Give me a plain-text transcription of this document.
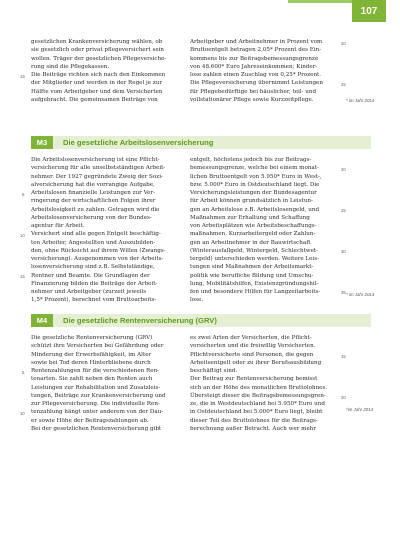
107
gesetzlichen Krankenversicherung wählen, ob
sie gesetzlich oder privat pflegeversichert sein
wollen. Träger der gesetzlichen Pflegeversiche-
rung sind die Pflegekassen.
Die Beiträge richten sich nach den Einkommen
der Mitglieder und werden in der Regel je zur
Hälfte vom Arbeitgeber und dem Versicherten
aufgebracht. Die gemeinsamen Beiträge von
Arbeitgeber und Arbeitnehmer in Prozent vom
Bruttoentgelt betragen 2,05* Prozent des Ein-
kommens bis zur Beitragsbemessungsgrenze
von 48.600* Euro Jahreseinkommen; Kinder-
lose zahlen einen Zuschlag von 0,25* Prozent.
Die Pflegeversicherung übernimmt Leistungen
für Pflegebedürftige bei häuslicher, teil- und
vollstationärer Pflege sowie Kurzzeitpflege.	* im Jahr 2014
M3	Die gesetzliche Arbeitslosenversicherung
Die Arbeitslosenversicherung ist eine Pflicht-
versicherung für alle unselbstständigen Arbeit-
nehmer. Der 1927 gegründete Zweig der Sozi-
alversicherung hat die vorrangige Aufgabe,
Arbeitslosen finanzielle Leistungen zur Ver-
ringerung der wirtschaftlichen Folgen ihrer
Arbeitslosigkeit zu zahlen. Getragen wird die
Arbeitslosenversicherung von der Bundes-
agentur für Arbeit.
Versichert sind alle gegen Entgelt beschäftig-
ten Arbeiter, Angestellten und Auszubilden-
den, ohne Rücksicht auf ihrem Willen (Zwangs-
versicherung). Ausgenommen von der Arbeits-
losenversicherung sind z.B. Selbstständige,
Rentner und Beamte. Die Grundlagen der
Finanzierung bilden die Beiträge der Arbeit-
nehmer und Arbeitgeber (zurzeit jeweils
1,5* Prozent), berechnet vom Bruttoarbeits-
entgelt, höchstens jedoch bis zur Beitrags-
bemessungsgrenze, welche bei einem monat-
lichen Bruttoentgelt von 5.950* Euro in West-,
bzw. 5.000* Euro in Ostdeutschland liegt. Die
Versicherungsleistungen der Bundesagentur
für Arbeit können grundsätzlich in Leistun-
gen an Arbeitslose z.B. Arbeitslosengeld, und
Maßnahmen zur Erhaltung und Schaffung
von Arbeitsplätzen wie Arbeitsbeschaffungs-
maßnahmen, Kurzarbeitergeld oder Zahlun-
gen an Arbeitnehmer in der Bauwirtschaft
(Winterausfallgeld, Wintergeld, Schlechtwet-
tergeld) unterschieden werden. Weitere Leis-
tungen sind Maßnahmen der Arbeitsmarkt-
politik wie berufliche Bildung und Umschu-
lung, Mobilitätshilfen, Existenzgründungshil-
fen und besondere Hilfen für Langzeitarbeits-
lose.
* im Jahr 2014
M4	Die gesetzliche Rentenversicherung (GRV)
Die gesetzliche Rentenversicherung (GRV)
schützt ihre Versicherten bei Gefährdung oder
Minderung der Erwerbsfähigkeit, im Alter
sowie bei Tod deren Hinterbliebene durch
Rentenzahlungen für die verschiedenen Ren-
tenarten. Sie zahlt neben den Renten auch
Leistungen zur Rehabilitation und Zusatzleis-
tungen, Beiträge zur Krankenversicherung und
zur Pflegeversicherung. Die individuelle Ren-
tenzahlung hängt unter anderem von der Dau-
er sowie Höhe der Beitragszahlungen ab.
Bei der gesetzlichen Rentenversicherung gibt
es zwei Arten der Versicherten, die Pflicht-
versicherten und die freiwillig Versicherten.
Pflichtversicherte sind Personen, die gegen
Arbeitsentgelt oder zu ihrer Berufsausbildung
beschäftigt sind.
Der Beitrag zur Rentenversicherung bemisst
sich an der Höhe des monatlichen Bruttolohnes.
Übersteigt dieser die Beitragsbemessungsgren-
ze, die in Westdeutschland bei 5.950* Euro und
in Ostdeutschland bei 5.000* Euro liegt, bleibt
dieser Teil des Bruttolohnes für die Beitrags-
berechnung außer Betracht. Auch wer mehr
*im Jahr 2014
15
20
25
5
10
15
20
25
30
35
5
10
15
20
